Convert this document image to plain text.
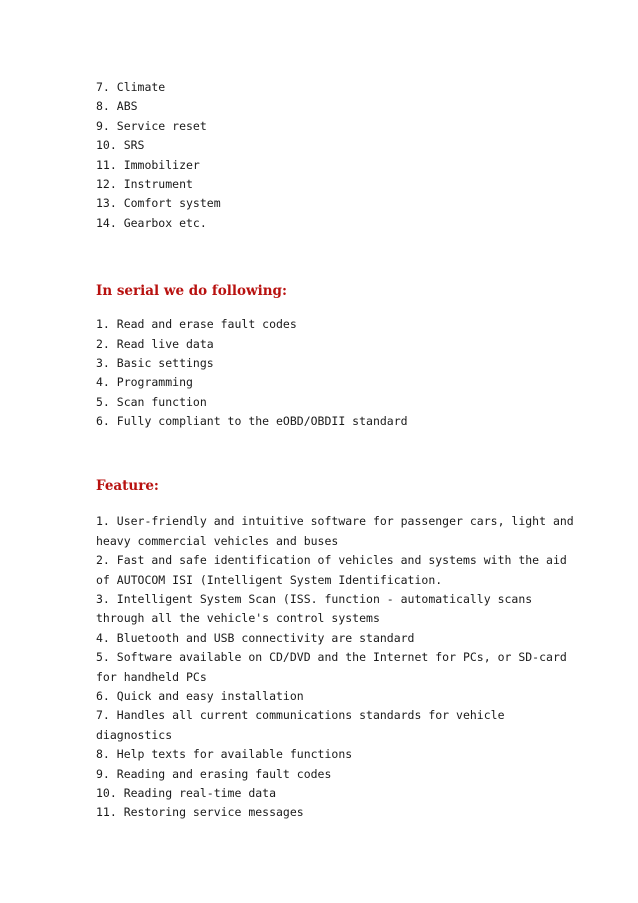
7. Climate
8. ABS
9. Service reset
10. SRS
11. Immobilizer
12. Instrument
13. Comfort system
14. Gearbox etc.
In serial we do following:
1. Read and erase fault codes
2. Read live data
3. Basic settings
4. Programming
5. Scan function
6. Fully compliant to the eOBD/OBDII standard
Feature:
1. User-friendly and intuitive software for passenger cars, light and
heavy commercial vehicles and buses
2. Fast and safe identification of vehicles and systems with the aid
of AUTOCOM ISI (Intelligent System Identification.
3. Intelligent System Scan (ISS. function - automatically scans
through all the vehicle's control systems
4. Bluetooth and USB connectivity are standard
5. Software available on CD/DVD and the Internet for PCs, or SD-card
for handheld PCs
6. Quick and easy installation
7. Handles all current communications standards for vehicle
diagnostics
8. Help texts for available functions
9. Reading and erasing fault codes
10. Reading real-time data
11. Restoring service messages
